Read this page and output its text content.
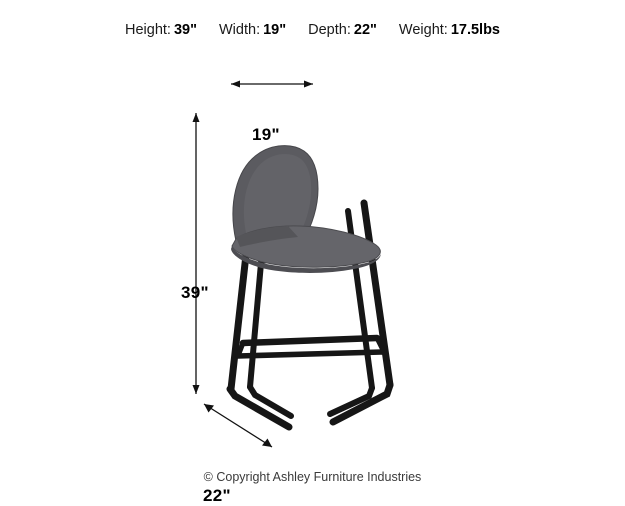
Height: 39" Width: 19" Depth: 22" Weight: 17.5lbs
19"
39"
22"
© Copyright Ashley Furniture Industries
